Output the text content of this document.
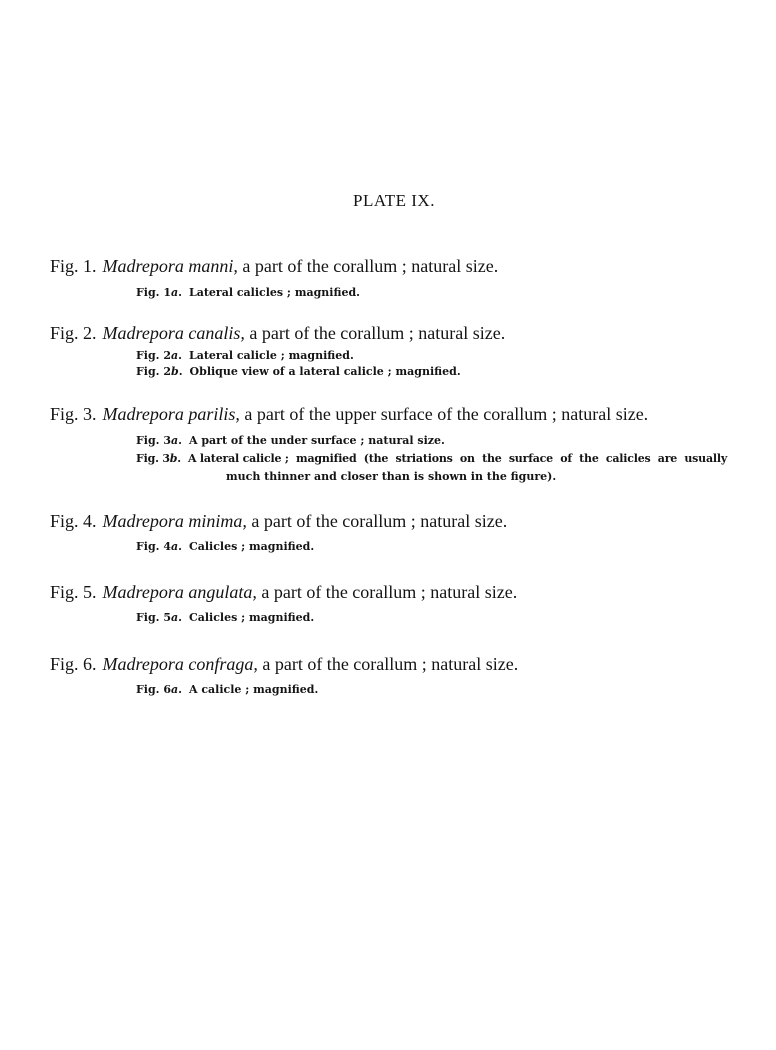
PLATE IX.
Fig. 1. Madrepora manni, a part of the corallum ; natural size.
Fig. 1a. Lateral calicles ; magnified.
Fig. 2. Madrepora canalis, a part of the corallum ; natural size.
Fig. 2a. Lateral calicle ; magnified.
Fig. 2b. Oblique view of a lateral calicle ; magnified.
Fig. 3. Madrepora parilis, a part of the upper surface of the corallum ; natural size.
Fig. 3a. A part of the under surface ; natural size.
Fig. 3b. A lateral calicle ;  magnified  (the  striations  on  the  surface  of  the  calicles  are  usually
much thinner and closer than is shown in the figure).
Fig. 4. Madrepora minima, a part of the corallum ; natural size.
Fig. 4a. Calicles ; magnified.
Fig. 5. Madrepora angulata, a part of the corallum ; natural size.
Fig. 5a. Calicles ; magnified.
Fig. 6. Madrepora confraga, a part of the corallum ; natural size.
Fig. 6a. A calicle ; magnified.
